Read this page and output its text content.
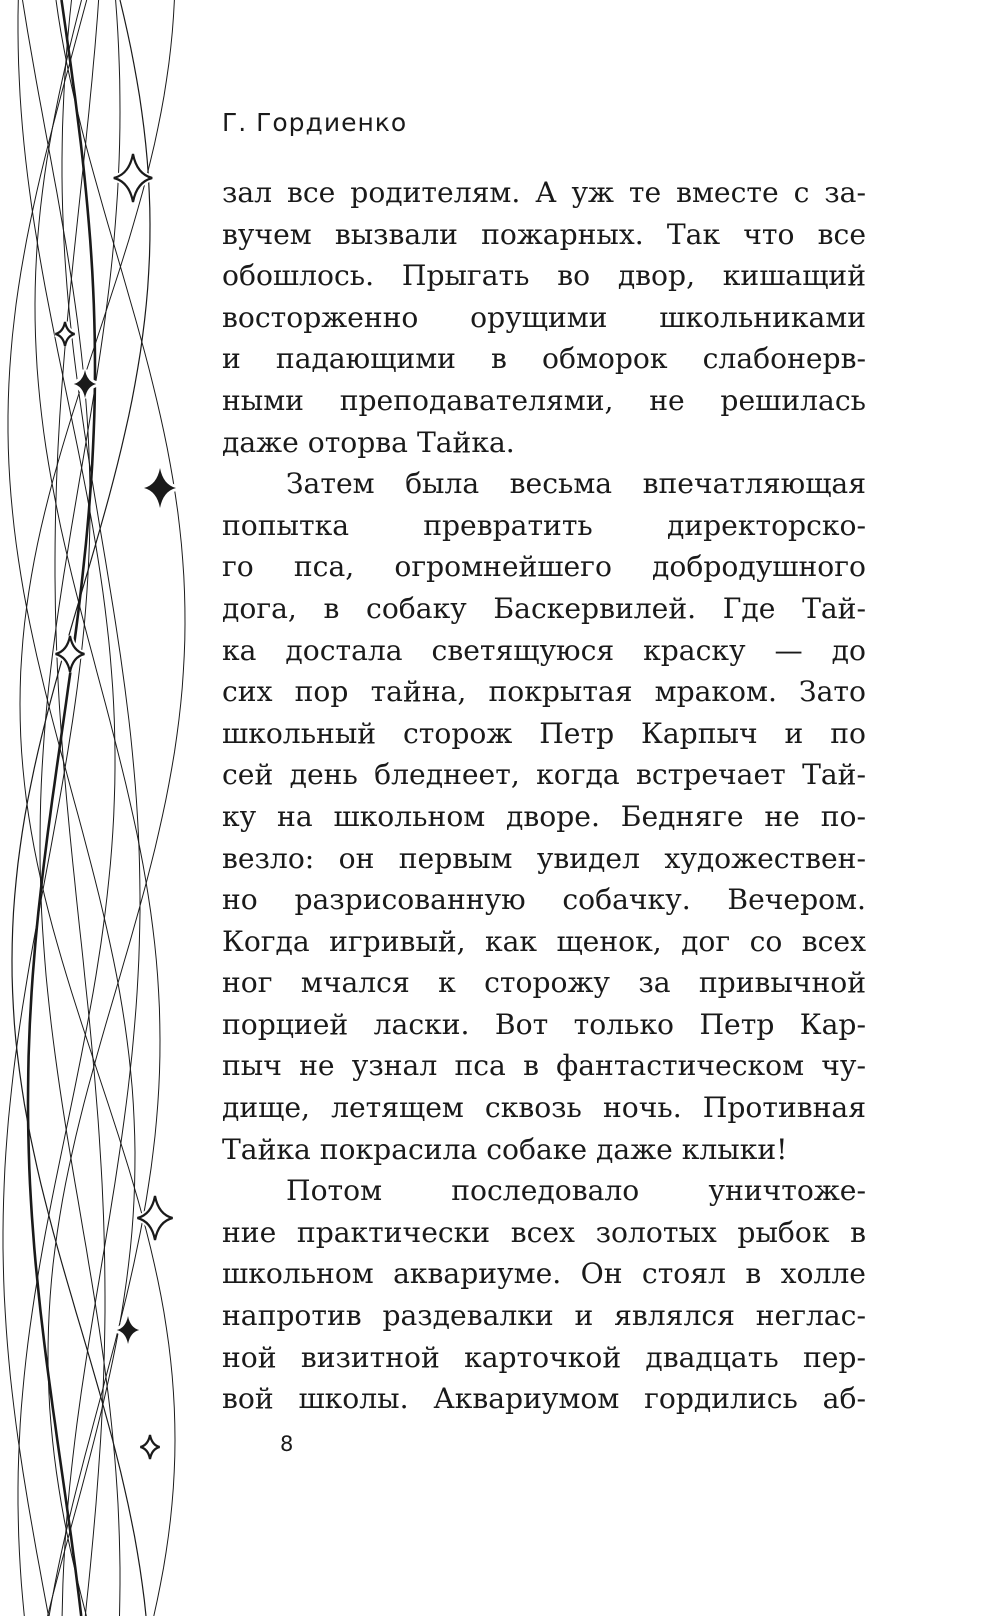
Г. Гордиенко
зал все родителям. А уж те вместе с за-
вучем вызвали пожарных. Так что все
обошлось. Прыгать во двор, кишащий
восторженно орущими школьниками
и падающими в обморок слабонерв-
ными преподавателями, не решилась
даже оторва Тайка.
Затем была весьма впечатляющая
попытка превратить директорско-
го пса, огромнейшего добродушного
дога, в собаку Баскервилей. Где Тай-
ка достала светящуюся краску — до
сих пор тайна, покрытая мраком. Зато
школьный сторож Петр Карпыч и по
сей день бледнеет, когда встречает Тай-
ку на школьном дворе. Бедняге не по-
везло: он первым увидел художествен-
но разрисованную собачку. Вечером.
Когда игривый, как щенок, дог со всех
ног мчался к сторожу за привычной
порцией ласки. Вот только Петр Кар-
пыч не узнал пса в фантастическом чу-
дище, летящем сквозь ночь. Противная
Тайка покрасила собаке даже клыки!
Потом последовало уничтоже-
ние практически всех золотых рыбок в
школьном аквариуме. Он стоял в холле
напротив раздевалки и являлся неглас-
ной визитной карточкой двадцать пер-
вой школы. Аквариумом гордились аб-
8
